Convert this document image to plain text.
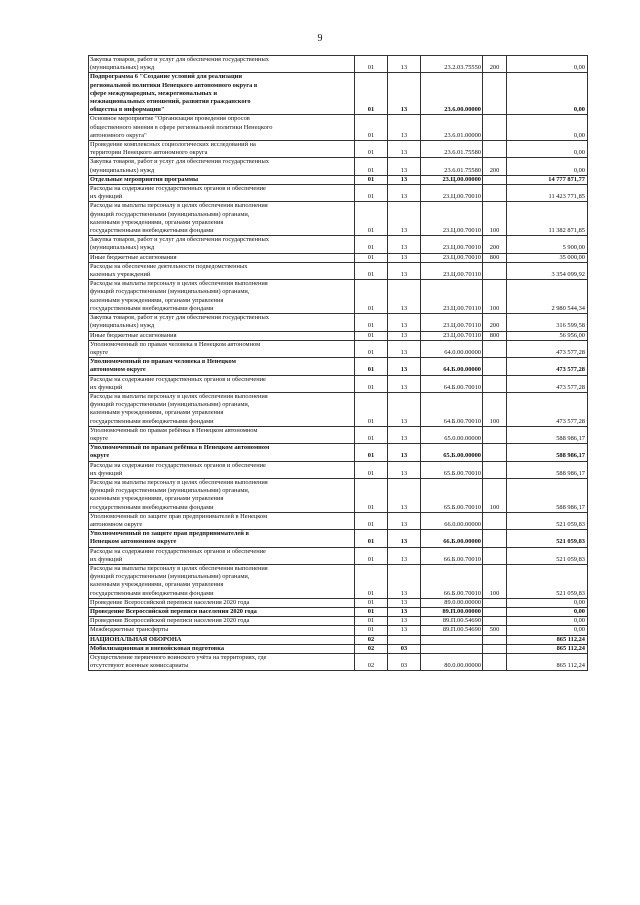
9
Закупка товаров, работ и услуг для обеспечения государственных
(муниципальных) нужд	01	13	23.2.03.75550	200	0,00

Подпрограмма 6 "Создание условий для реализации
региональной политики Ненецкого автономного округа в
сфере международных, межрегиональных и
межнациональных отношений, развития гражданского
общества в информации"	01	13	23.6.00.00000		0,00

Основное мероприятие "Организация проведения опросов
общественного мнения в сфере региональной политики Ненецкого
автономного округа"	01	13	23.6.01.00000		0,00

Проведение комплексных социологических исследований на
территории Ненецкого автономного округа	01	13	23.6.01.75580		0,00

Закупка товаров, работ и услуг для обеспечения государственных
(муниципальных) нужд	01	13	23.6.01.75580	200	0,00

Отдельные мероприятия программы	01	13	23.Ц.00.00000		14 777 871,77

Расходы на содержание государственных органов и обеспечение
их функций	01	13	23.Ц.00.70010		11 423 771,85

Расходы на выплаты персоналу в целях обеспечения выполнения
функций государственными (муниципальными) органами,
казенными учреждениями, органами управления
государственными внебюджетными фондами	01	13	23.Ц.00.70010	100	11 382 871,85

Закупка товаров, работ и услуг для обеспечения государственных
(муниципальных) нужд	01	13	23.Ц.00.70010	200	5 900,00

Иные бюджетные ассигнования	01	13	23.Ц.00.70010	800	35 000,00

Расходы на обеспечение деятельности подведомственных
казенных учреждений	01	13	23.Ц.00.70110		3 354 099,92

Расходы на выплаты персоналу в целях обеспечения выполнения
функций государственными (муниципальными) органами,
казенными учреждениями, органами управления
государственными внебюджетными фондами	01	13	23.Ц.00.70110	100	2 980 544,34

Закупка товаров, работ и услуг для обеспечения государственных
(муниципальных) нужд	01	13	23.Ц.00.70110	200	316 599,58

Иные бюджетные ассигнования	01	13	23.Ц.00.70110	800	56 956,00

Уполномоченный по правам человека в Ненецком автономном
округе	01	13	64.0.00.00000		473 577,28

Уполномоченный по правам человека в Ненецком
автономном округе	01	13	64.Б.00.00000		473 577,28

Расходы на содержание государственных органов и обеспечение
их функций	01	13	64.Б.00.70010		473 577,28

Расходы на выплаты персоналу в целях обеспечения выполнения
функций государственными (муниципальными) органами,
казенными учреждениями, органами управления
государственными внебюджетными фондами	01	13	64.Б.00.70010	100	473 577,28

Уполномоченный по правам ребёнка в Ненецком автономном
округе	01	13	65.0.00.00000		588 986,17

Уполномоченный по правам ребёнка в Ненецком автономном
округе	01	13	65.Б.00.00000		588 986,17

Расходы на содержание государственных органов и обеспечение
их функций	01	13	65.Б.00.70010		588 986,17

Расходы на выплаты персоналу в целях обеспечения выполнения
функций государственными (муниципальными) органами,
казенными учреждениями, органами управления
государственными внебюджетными фондами	01	13	65.Б.00.70010	100	588 986,17

Уполномоченный по защите прав предпринимателей в Ненецком
автономном округе	01	13	66.0.00.00000		521 059,83

Уполномоченный по защите прав предпринимателей в
Ненецком автономном округе	01	13	66.Б.00.00000		521 059,83

Расходы на содержание государственных органов и обеспечение
их функций	01	13	66.Б.00.70010		521 059,83

Расходы на выплаты персоналу в целях обеспечения выполнения
функций государственными (муниципальными) органами,
казенными учреждениями, органами управления
государственными внебюджетными фондами	01	13	66.Б.00.70010	100	521 059,83

Проведение Всероссийской переписи населения 2020 года	01	13	89.0.00.00000		0,00

Проведение Всероссийской переписи населения 2020 года	01	13	89.П.00.00000		0,00

Проведение Всероссийской переписи населения 2020 года	01	13	89.П.00.54690		0,00

Межбюджетные трансферты	01	13	89.П.00.54690	500	0,00

НАЦИОНАЛЬНАЯ ОБОРОНА	02				865 112,24

Мобилизационная и вневойсковая подготовка	02	03			865 112,24

Осуществление первичного воинского учёта на территориях, где
отсутствуют военные комиссариаты	02	03	80.0.00.00000		865 112,24
